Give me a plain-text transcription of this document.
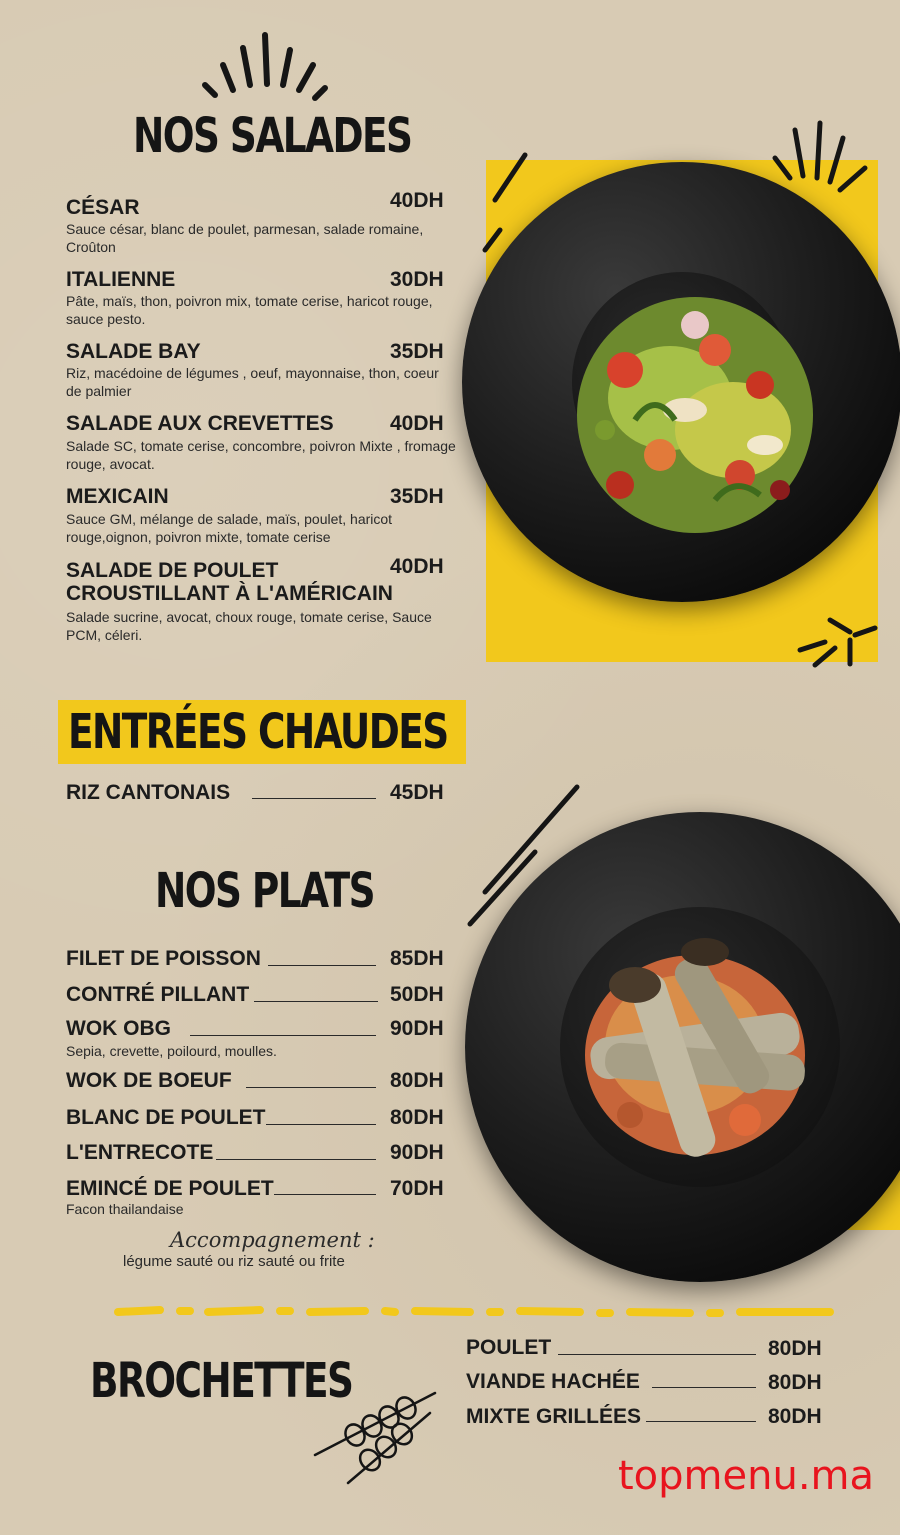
NOS SALADES
CÉSAR	40DH
Sauce césar, blanc de poulet, parmesan, salade romaine, Croûton
ITALIENNE	30DH
Pâte, maïs, thon, poivron mix, tomate cerise, haricot rouge, sauce pesto.
SALADE BAY	35DH
Riz, macédoine de légumes , oeuf, mayonnaise, thon, coeur de palmier
SALADE AUX CREVETTES	40DH
Salade SC, tomate cerise, concombre, poivron Mixte , fromage rouge, avocat.
MEXICAIN	35DH
Sauce GM, mélange de salade, maïs, poulet, haricot rouge,oignon, poivron mixte, tomate cerise
SALADE DE POULET
CROUSTILLANT À L'AMÉRICAIN
40DH
Salade sucrine, avocat, choux rouge, tomate cerise, Sauce PCM, céleri.
ENTRÉES CHAUDES
RIZ CANTONAIS	45DH
NOS PLATS
FILET DE POISSON	85DH
CONTRÉ PILLANT	50DH
WOK OBG	90DH
Sepia, crevette, poilourd, moulles.
WOK DE BOEUF	80DH
BLANC DE POULET	80DH
L'ENTRECOTE	90DH
EMINCÉ DE POULET	70DH
Facon thailandaise
Accompagnement :
légume sauté ou riz sauté ou frite
BROCHETTES
POULET	80DH
VIANDE HACHÉE	80DH
MIXTE GRILLÉES	80DH
topmenu.ma
